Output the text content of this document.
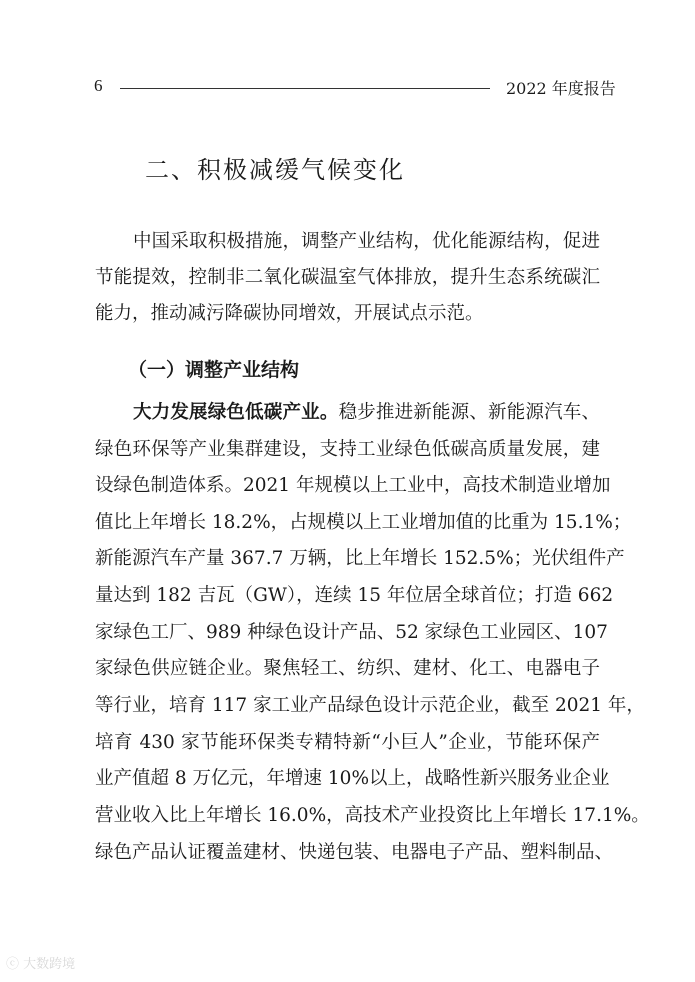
6	2022 年度报告
二、积极减缓气候变化
中国采取积极措施，调整产业结构，优化能源结构，促进
节能提效，控制非二氧化碳温室气体排放，提升生态系统碳汇
能力，推动减污降碳协同增效，开展试点示范。
（一）调整产业结构
大力发展绿色低碳产业。稳步推进新能源、新能源汽车、
绿色环保等产业集群建设，支持工业绿色低碳高质量发展，建
设绿色制造体系。2021 年规模以上工业中，高技术制造业增加
值比上年增长 18.2%，占规模以上工业增加值的比重为 15.1%；
新能源汽车产量 367.7 万辆，比上年增长 152.5%；光伏组件产
量达到 182 吉瓦（GW），连续 15 年位居全球首位；打造 662
家绿色工厂、989 种绿色设计产品、52 家绿色工业园区、107
家绿色供应链企业。聚焦轻工、纺织、建材、化工、电器电子
等行业，培育 117 家工业产品绿色设计示范企业，截至 2021 年，
培育 430 家节能环保类专精特新“小巨人”企业，节能环保产
业产值超 8 万亿元，年增速 10%以上，战略性新兴服务业企业
营业收入比上年增长 16.0%，高技术产业投资比上年增长 17.1%。
绿色产品认证覆盖建材、快递包装、电器电子产品、塑料制品、
ⓒ 大数跨境
